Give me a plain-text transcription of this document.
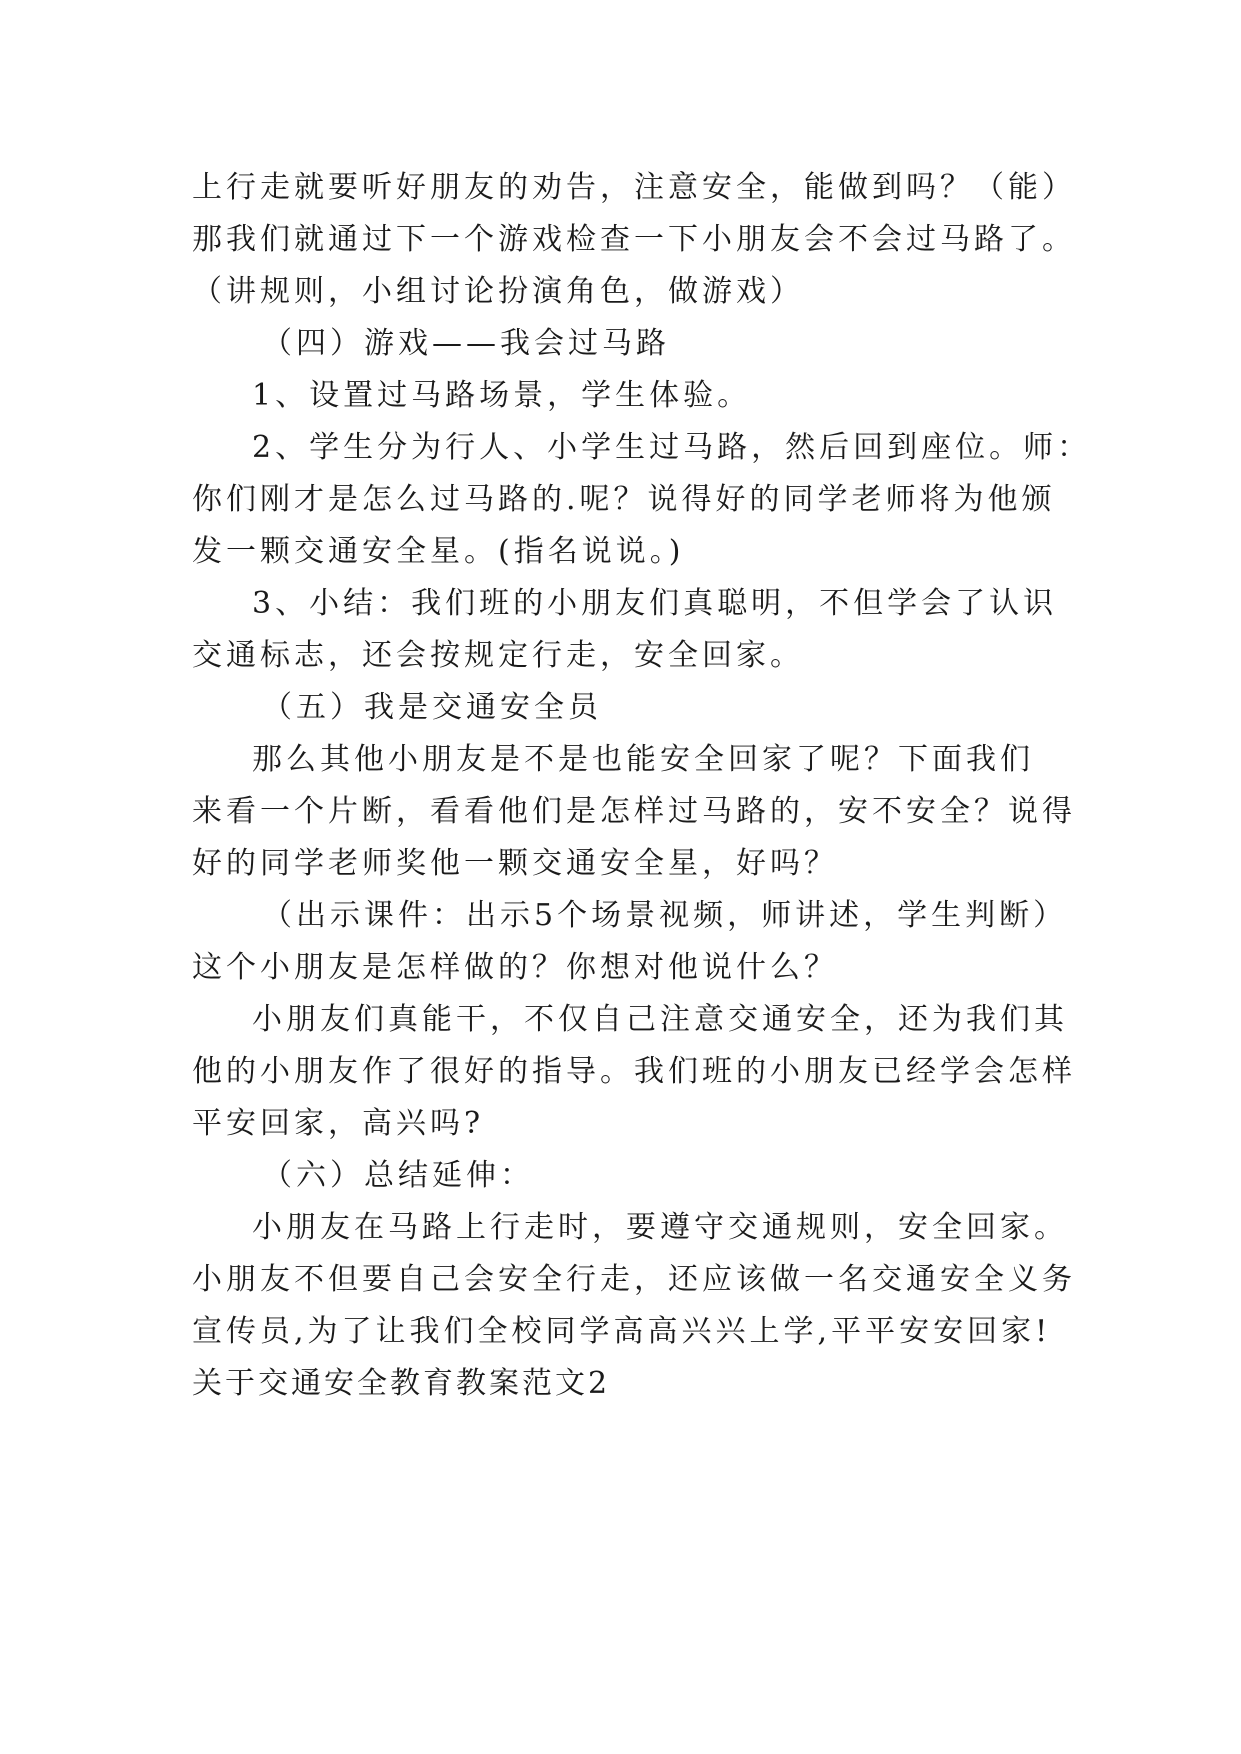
上行走就要听好朋友的劝告，注意安全，能做到吗？（能）
那我们就通过下一个游戏检查一下小朋友会不会过马路了。
（讲规则，小组讨论扮演角色，做游戏）
（四）游戏——我会过马路
1、设置过马路场景，学生体验。
2、学生分为行人、小学生过马路，然后回到座位。师：
你们刚才是怎么过马路的.呢？说得好的同学老师将为他颁
发一颗交通安全星。(指名说说。)
3、小结：我们班的小朋友们真聪明，不但学会了认识
交通标志，还会按规定行走，安全回家。
（五）我是交通安全员
那么其他小朋友是不是也能安全回家了呢？下面我们
来看一个片断，看看他们是怎样过马路的，安不安全？说得
好的同学老师奖他一颗交通安全星，好吗？
（出示课件：出示5个场景视频，师讲述，学生判断）
这个小朋友是怎样做的？你想对他说什么？
小朋友们真能干，不仅自己注意交通安全，还为我们其
他的小朋友作了很好的指导。我们班的小朋友已经学会怎样
平安回家，高兴吗?
（六）总结延伸：
小朋友在马路上行走时，要遵守交通规则，安全回家。
小朋友不但要自己会安全行走，还应该做一名交通安全义务
宣传员,为了让我们全校同学高高兴兴上学,平平安安回家!
关于交通安全教育教案范文2
